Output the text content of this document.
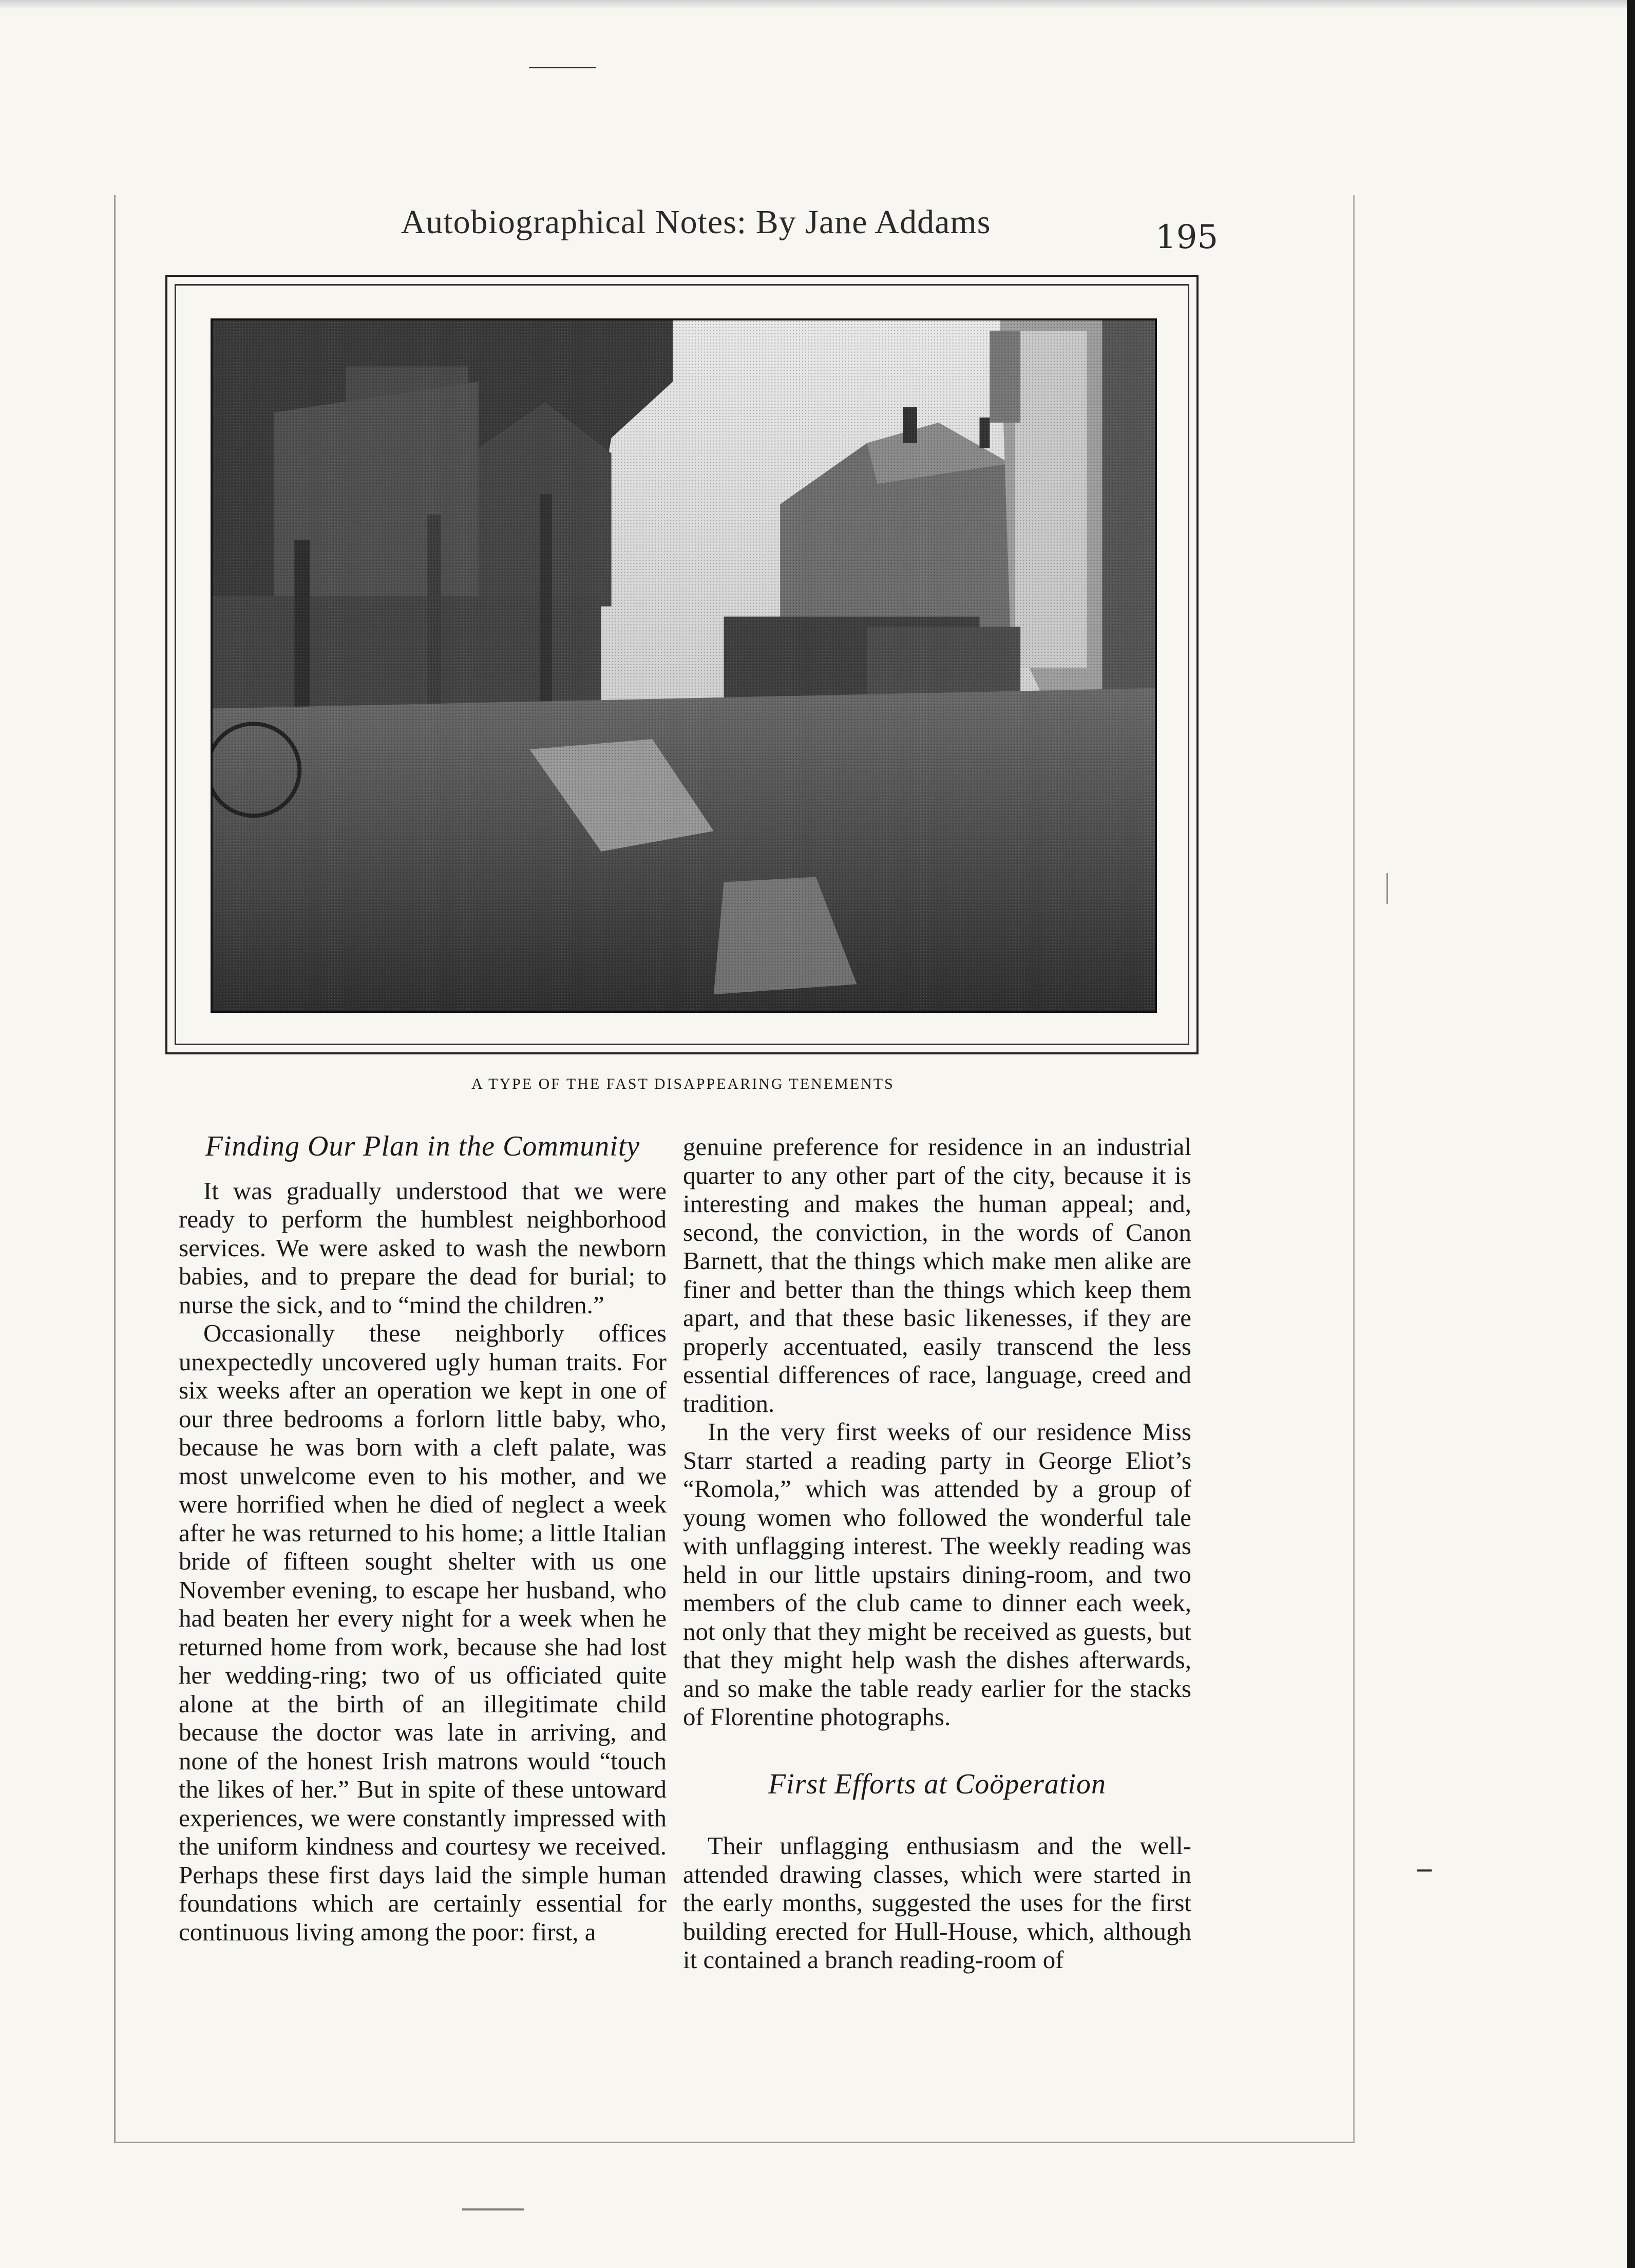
Autobiographical Notes: By Jane Addams	195
A TYPE OF THE FAST DISAPPEARING TENEMENTS
Finding Our Plan in the Community

It was gradually understood that we were ready to perform the humblest neighborhood services. We were asked to wash the newborn babies, and to prepare the dead for burial; to nurse the sick, and to “mind the children.”

Occasionally these neighborly offices unexpectedly uncovered ugly human traits. For six weeks after an operation we kept in one of our three bedrooms a forlorn little baby, who, because he was born with a cleft palate, was most unwelcome even to his mother, and we were horrified when he died of neglect a week after he was returned to his home; a little Italian bride of fifteen sought shelter with us one November evening, to escape her husband, who had beaten her every night for a week when he returned home from work, because she had lost her wedding-ring; two of us officiated quite alone at the birth of an illegitimate child because the doctor was late in arriving, and none of the honest Irish matrons would “touch the likes of her.” But in spite of these untoward experiences, we were constantly impressed with the uniform kindness and courtesy we received. Perhaps these first days laid the simple human foundations which are certainly essential for continuous living among the poor: first, a

genuine preference for residence in an industrial quarter to any other part of the city, because it is interesting and makes the human appeal; and, second, the conviction, in the words of Canon Barnett, that the things which make men alike are finer and better than the things which keep them apart, and that these basic likenesses, if they are properly accentuated, easily transcend the less essential differences of race, language, creed and tradition.

In the very first weeks of our residence Miss Starr started a reading party in George Eliot’s “Romola,” which was attended by a group of young women who followed the wonderful tale with unflagging interest. The weekly reading was held in our little upstairs dining-room, and two members of the club came to dinner each week, not only that they might be received as guests, but that they might help wash the dishes afterwards, and so make the table ready earlier for the stacks of Florentine photographs.

First Efforts at Coöperation

Their unflagging enthusiasm and the well-attended drawing classes, which were started in the early months, suggested the uses for the first building erected for Hull-House, which, although it contained a branch reading-room of
